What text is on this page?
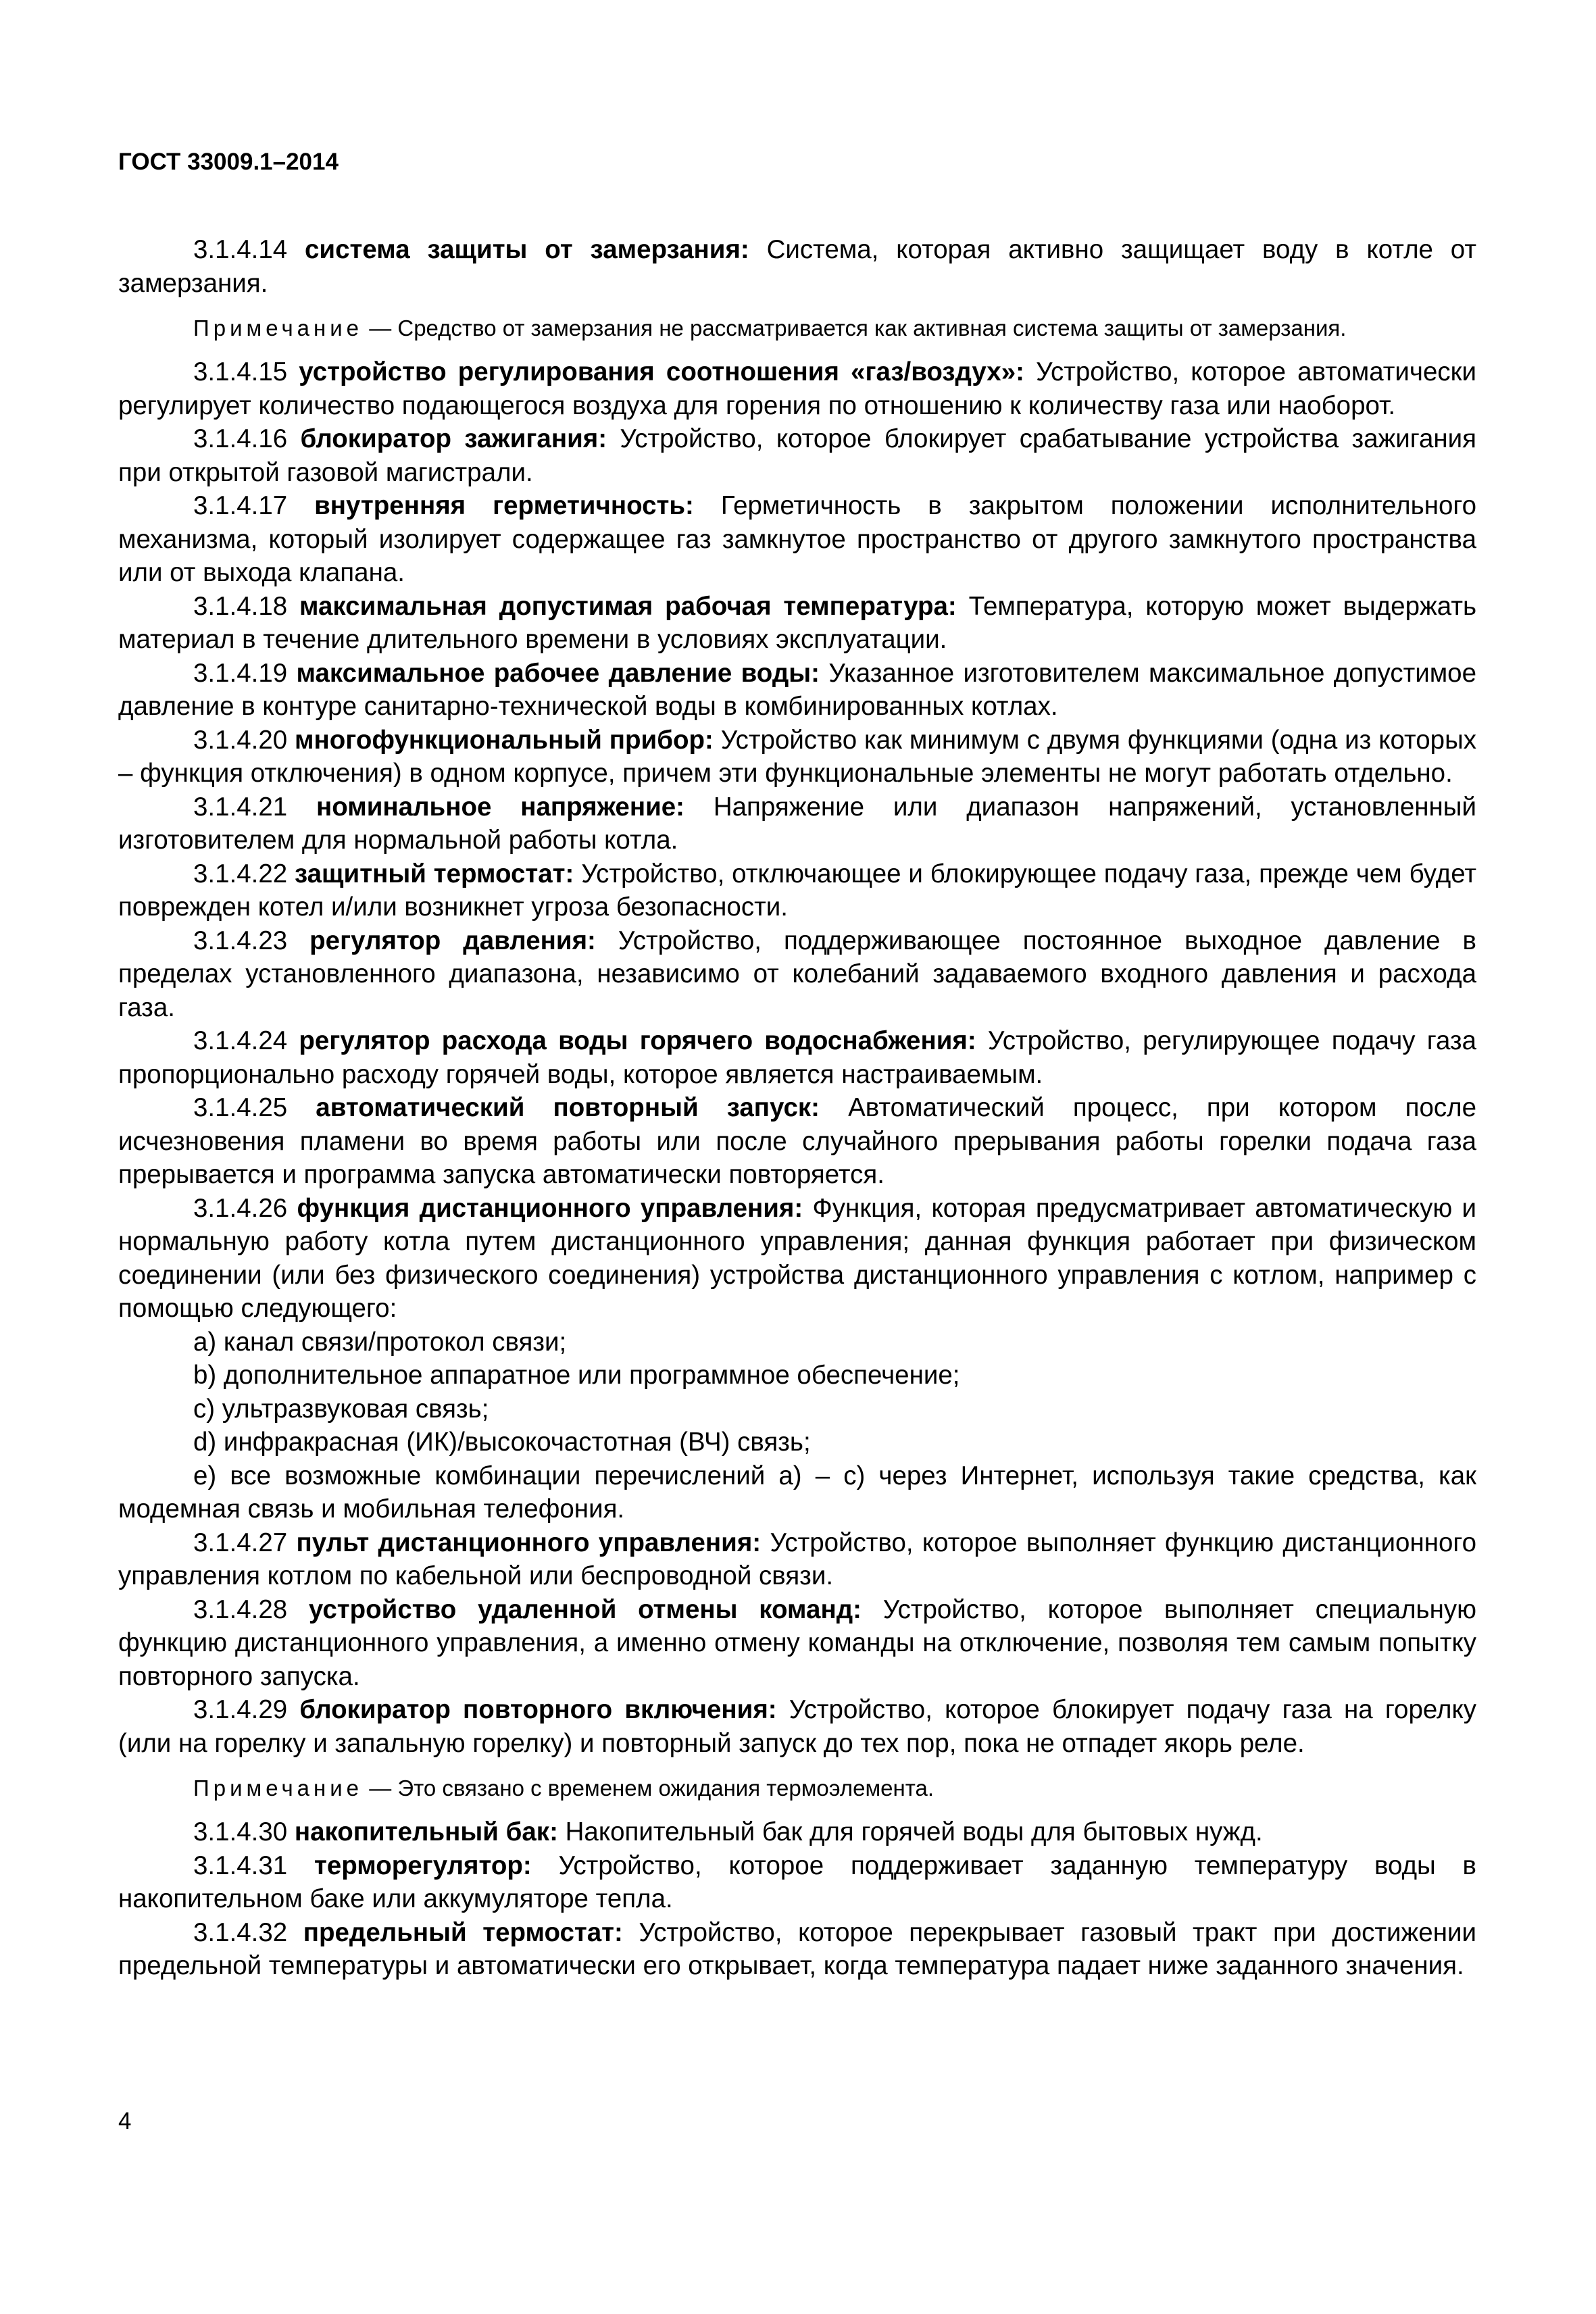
ГОСТ 33009.1–2014

3.1.4.14 система защиты от замерзания: Система, которая активно защищает воду в котле от замерзания.

Примечание — Средство от замерзания не рассматривается как активная система защиты от замерзания.

3.1.4.15 устройство регулирования соотношения «газ/воздух»: Устройство, которое автоматически регулирует количество подающегося воздуха для горения по отношению к количеству газа или наоборот.

3.1.4.16 блокиратор зажигания: Устройство, которое блокирует срабатывание устройства зажигания при открытой газовой магистрали.

3.1.4.17 внутренняя герметичность: Герметичность в закрытом положении исполнительного механизма, который изолирует содержащее газ замкнутое пространство от другого замкнутого пространства или от выхода клапана.

3.1.4.18 максимальная допустимая рабочая температура: Температура, которую может выдержать материал в течение длительного времени в условиях эксплуатации.

3.1.4.19 максимальное рабочее давление воды: Указанное изготовителем максимальное допустимое давление в контуре санитарно-технической воды в комбинированных котлах.

3.1.4.20 многофункциональный прибор: Устройство как минимум с двумя функциями (одна из которых – функция отключения) в одном корпусе, причем эти функциональные элементы не могут работать отдельно.

3.1.4.21 номинальное напряжение: Напряжение или диапазон напряжений, установленный изготовителем для нормальной работы котла.

3.1.4.22 защитный термостат: Устройство, отключающее и блокирующее подачу газа, прежде чем будет поврежден котел и/или возникнет угроза безопасности.

3.1.4.23 регулятор давления: Устройство, поддерживающее постоянное выходное давление в пределах установленного диапазона, независимо от колебаний задаваемого входного давления и расхода газа.

3.1.4.24 регулятор расхода воды горячего водоснабжения: Устройство, регулирующее подачу газа пропорционально расходу горячей воды, которое является настраиваемым.

3.1.4.25 автоматический повторный запуск: Автоматический процесс, при котором после исчезновения пламени во время работы или после случайного прерывания работы горелки подача газа прерывается и программа запуска автоматически повторяется.

3.1.4.26 функция дистанционного управления: Функция, которая предусматривает автоматическую и нормальную работу котла путем дистанционного управления; данная функция работает при физическом соединении (или без физического соединения) устройства дистанционного управления с котлом, например с помощью следующего:

a) канал связи/протокол связи;

b) дополнительное аппаратное или программное обеспечение;

c) ультразвуковая связь;

d) инфракрасная (ИК)/высокочастотная (ВЧ) связь;

e) все возможные комбинации перечислений а) – с) через Интернет, используя такие средства, как модемная связь и мобильная телефония.

3.1.4.27 пульт дистанционного управления: Устройство, которое выполняет функцию дистанционного управления котлом по кабельной или беспроводной связи.

3.1.4.28 устройство удаленной отмены команд: Устройство, которое выполняет специальную функцию дистанционного управления, а именно отмену команды на отключение, позволяя тем самым попытку повторного запуска.

3.1.4.29 блокиратор повторного включения: Устройство, которое блокирует подачу газа на горелку (или на горелку и запальную горелку) и повторный запуск до тех пор, пока не отпадет якорь реле.

Примечание — Это связано с временем ожидания термоэлемента.

3.1.4.30 накопительный бак: Накопительный бак для горячей воды для бытовых нужд.

3.1.4.31 терморегулятор: Устройство, которое поддерживает заданную температуру воды в накопительном баке или аккумуляторе тепла.

3.1.4.32 предельный термостат: Устройство, которое перекрывает газовый тракт при достижении предельной температуры и автоматически его открывает, когда температура падает ниже заданного значения.

4
